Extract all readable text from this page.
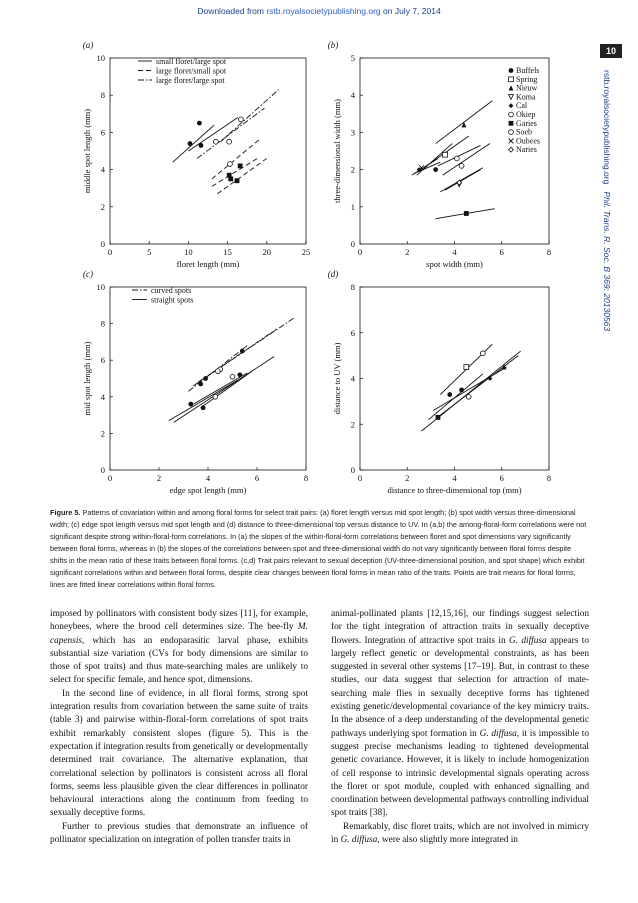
Downloaded from rstb.royalsocietypublishing.org on July 7, 2014
10
rstb.royalsocietypublishing.org   Phil. Trans. R. Soc. B 369: 20130563
0	5	10	15	20	25
0
2
4
6
8
10
floret length (mm)
middle spot length (mm)
(a)
small floret/large spot
large floret/small spot
large floret/large spot
0	2	4	6	8
0
1
2
3
4
5
spot width (mm)
three-dimensional width (mm)
(b)
Buffels
Spring
Nieuw
Koma
Cal
Okiep
Garies
Soeb
Oubees
Naries
0	2	4	6	8
0
2
4
6
8
10
edge spot length (mm)
mid spot length (mm)
(c)
curved spots
straight spots
0	2	4	6	8
0
2
4
6
8
distance to three-dimensional top (mm)
distance to UV (mm)
(d)
Figure 5. Patterns of covariation within and among floral forms for select trait pairs: (a) floret length versus mid spot length; (b) spot width versus three-dimensional width; (c) edge spot length versus mid spot length and (d) distance to three-dimensional top versus distance to UV. In (a,b) the among-floral-form correlations were not significant despite strong within-floral-form correlations. In (a) the slopes of the within-floral-form correlations between floret and spot dimensions vary significantly between floral forms, whereas in (b) the slopes of the correlations between spot and three-dimensional width do not vary significantly between floral forms despite shifts in the mean ratio of these traits between floral forms. (c,d) Trait pairs relevant to sexual deception (UV-three-dimensional position, and spot shape) which exhibit significant correlations within and between floral forms, despite clear changes between floral forms in mean ratio of the traits. Points are trait means for floral forms, lines are fitted linear correlations within floral forms.

imposed by pollinators with consistent body sizes [11], for example, honeybees, where the brood cell determines size. The bee-fly M. capensis, which has an endoparasitic larval phase, exhibits substantial size variation (CVs for body dimensions are similar to those of spot traits) and thus mate-searching males are unlikely to select for specific female, and hence spot, dimensions.

In the second line of evidence, in all floral forms, strong spot integration results from covariation between the same suite of traits (table 3) and pairwise within-floral-form correlations of spot traits exhibit remarkably consistent slopes (figure 5). This is the expectation if integration results from genetically or developmentally determined trait covariance. The alternative explanation, that correlational selection by pollinators is consistent across all floral forms, seems less plausible given the clear differences in pollinator behavioural interactions along the continuum from feeding to sexually deceptive forms.

Further to previous studies that demonstrate an influence of pollinator specialization on integration of pollen transfer traits in

animal-pollinated plants [12,15,16], our findings suggest selection for the tight integration of attraction traits in sexually deceptive flowers. Integration of attractive spot traits in G. diffusa appears to largely reflect genetic or developmental constraints, as has been suggested in several other systems [17–19]. But, in contrast to these studies, our data suggest that selection for attraction of mate-searching male flies in sexually deceptive forms has tightened existing genetic/developmental covariance of the key mimicry traits. In the absence of a deep understanding of the developmental genetic pathways underlying spot formation in G. diffusa, it is impossible to suggest precise mechanisms leading to tightened developmental genetic covariance. However, it is likely to include homogenization of cell response to intrinsic developmental signals operating across the floret or spot module, coupled with enhanced signalling and coordination between developmental pathways controlling individual spot traits [38].

Remarkably, disc floret traits, which are not involved in mimicry in G. diffusa, were also slightly more integrated in
